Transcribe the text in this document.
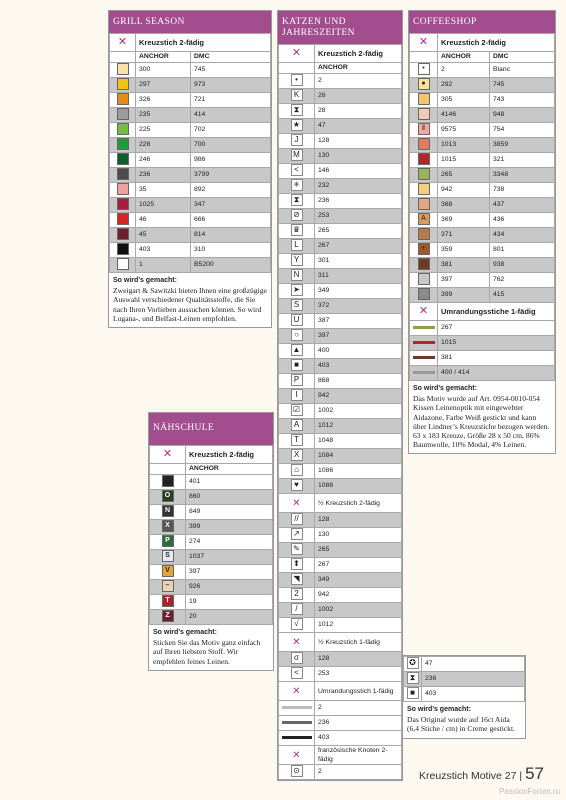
GRILL SEASON
✕	Kreuzstich 2-fädig	
	ANCHOR	DMC
	300	745
	297	973
	326	721
	235	414
	225	702
	228	700
	246	986
	236	3799
	35	892
	1025	347
	46	666
	45	814
	403	310
	1	B5200
So wird’s gemacht:
Zweigart & Sawitzki bieten Ihnen eine großzügige Auswahl verschiedener Qualitätsstoffe, die Sie nach Ihren Vorlieben aussuchen können. So wird Lugana-, und Belfast-Leinen empfohlen.
NÄHSCHULE
✕	Kreuzstich 2-fädig
	ANCHOR
	401
O	860
N	849
X	399
P	274
S	1037
V	397
–	926
T	19
Z	20
So wird’s gemacht:
Sticken Sie das Motiv ganz einfach auf Ihren liebsten Stoff. Wir empfehlen feines Leinen.
KATZEN UND JAHRESZEITEN
✕	Kreuzstich 2-fädig
	ANCHOR
•	2
K	26
⧗	28
★	47
J	128
M	130
<	146
✳	232
⧗	236
⊘	253
♛	265
L	267
Y	301
N	311
➤	349
S	372
U	387
○	397
▲	400
■	403
P	868
I	942
☑	1002
A	1012
T	1048
X	1084
⌂	1086
♥	1088
✕	½ Kreuzstich 2-fädig
//	128
↗	130
✎	265
⬆	267
◥	349
2	942
/	1002
√	1012
✕	½ Kreuzstich 1-fädig
σ	128
<	253
✕	Umrandungsstich 1-fädig
	2
	236
	403
✕	französische Knoten 2-fädig
⊙	2
COFFEESHOP
✕	Kreuzstich 2-fädig	
	ANCHOR	DMC
•	2	Blanc
●	292	745
	305	743
	4146	948
⦀	9575	754
	1013	3859
	1015	321
	265	3348
	942	738
	368	437
A	369	436
	371	434
+	359	801
	381	938
	397	762
	399	415
✕	Umrandungsstiche 1-fädig	
	267	
	1015	
	381	
	400 / 414	
So wird’s gemacht:
Das Motiv wurde auf Art. 0954-0010-054 Kissen Leinenoptik mit eingewebter Aidazone, Farbe Weiß gestickt und kann über Lindner’s Kreuzstiche bezogen werden. 63 x 183 Kreuze, Größe 28 x 50 cm, 86% Baumwolle, 10% Modal, 4% Leinen.
✪	47
⧗	236
■	403
So wird’s gemacht:
Das Original wurde auf 16ct Aida (6,4 Stiche / cm) in Creme gestickt.
Kreuzstich Motive 27 | 57
PassionForum.ru
